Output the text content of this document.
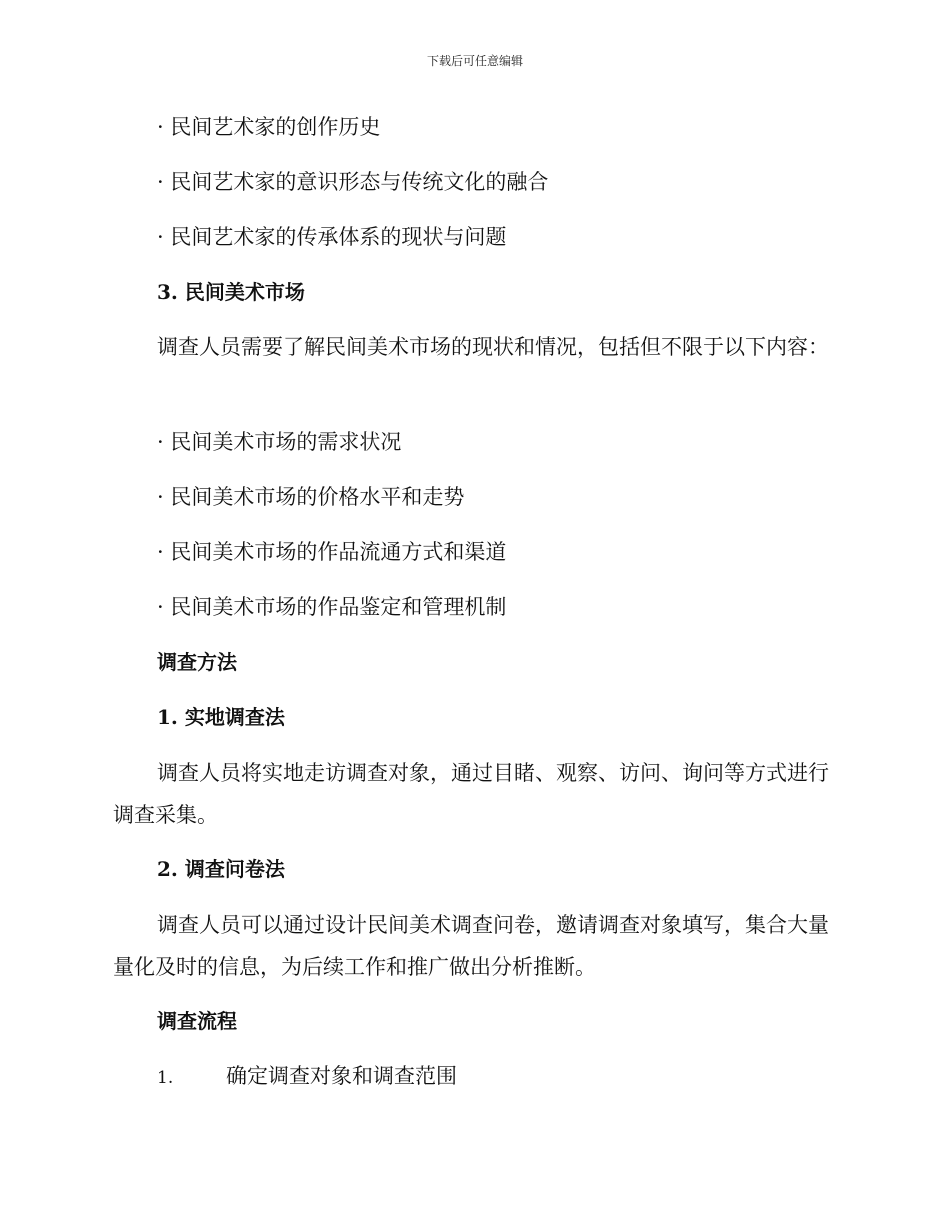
下载后可任意编辑
· 民间艺术家的创作历史
· 民间艺术家的意识形态与传统文化的融合
· 民间艺术家的传承体系的现状与问题
3. 民间美术市场
调查人员需要了解民间美术市场的现状和情况，包括但不限于以下内容：
· 民间美术市场的需求状况
· 民间美术市场的价格水平和走势
· 民间美术市场的作品流通方式和渠道
· 民间美术市场的作品鉴定和管理机制
调查方法
1. 实地调查法
调查人员将实地走访调查对象，通过目睹、观察、访问、询问等方式进行调查采集。
2. 调查问卷法
调查人员可以通过设计民间美术调查问卷，邀请调查对象填写，集合大量量化及时的信息，为后续工作和推广做出分析推断。
调查流程
1.	确定调查对象和调查范围
